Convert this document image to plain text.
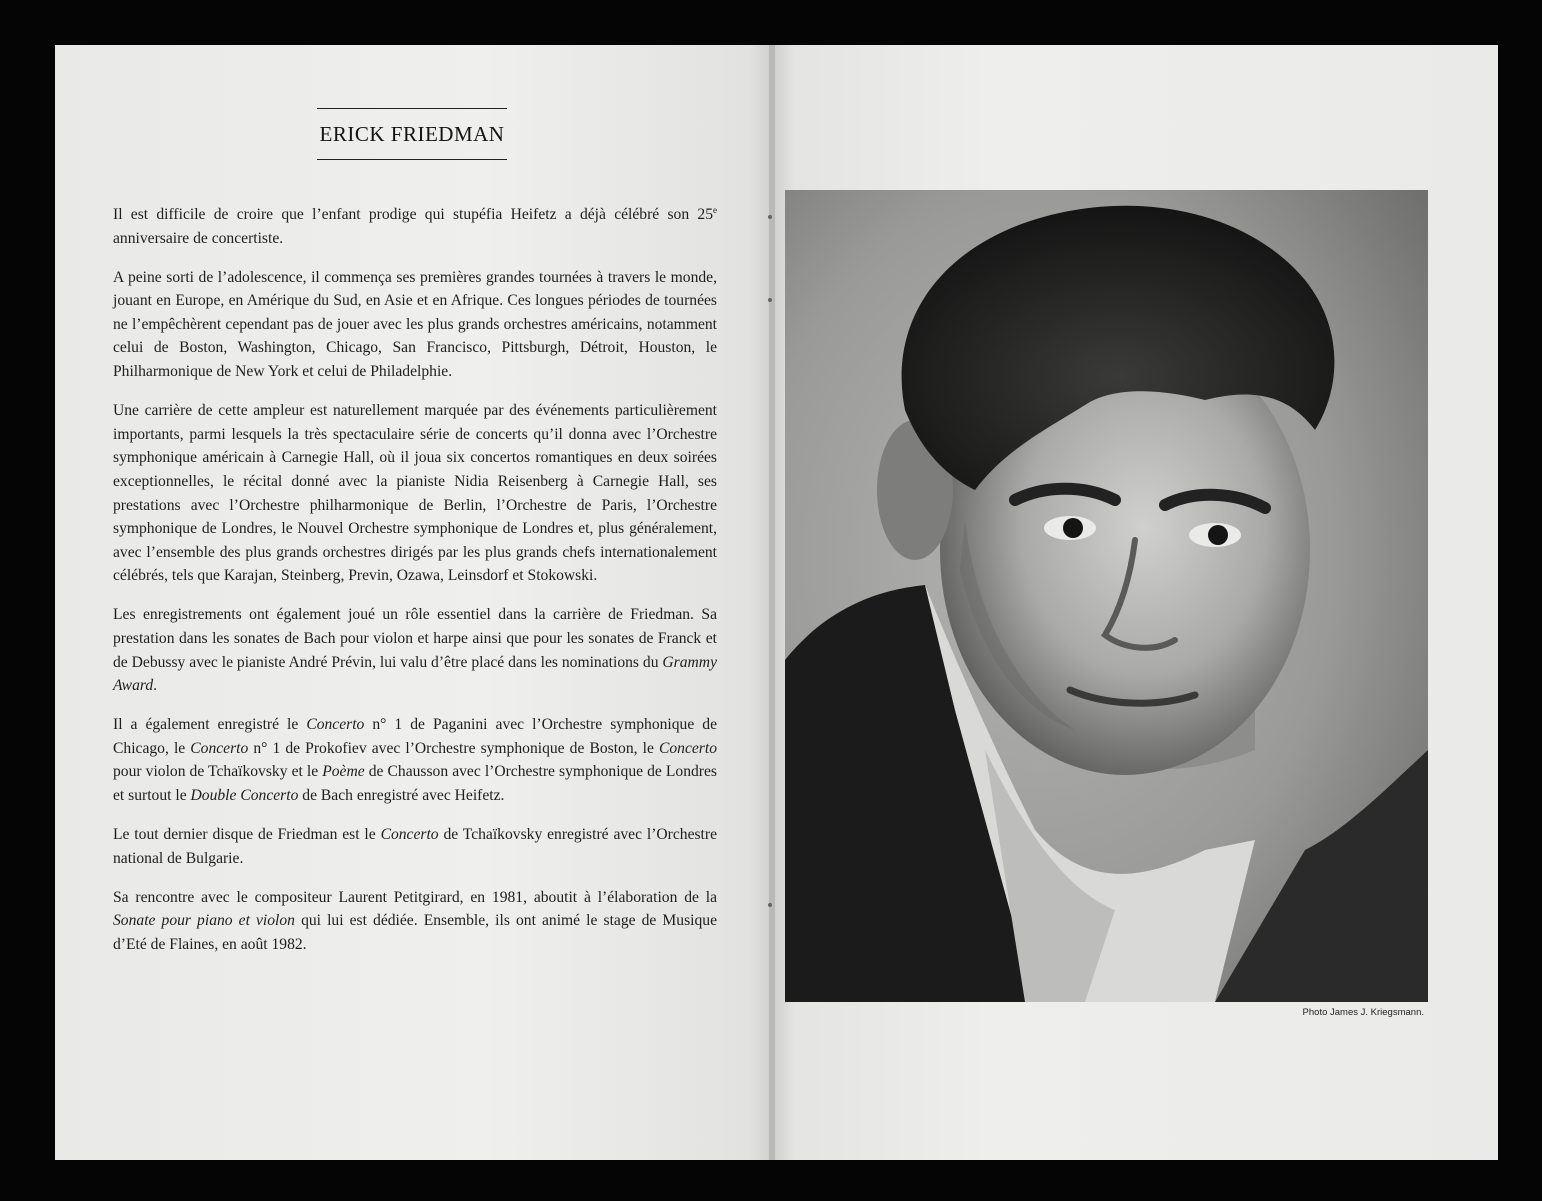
ERICK FRIEDMAN

Il est difficile de croire que l’enfant prodige qui stupéfia Heifetz a déjà célébré son 25e anniversaire de concertiste.

A peine sorti de l’adolescence, il commença ses premières grandes tournées à travers le monde, jouant en Europe, en Amérique du Sud, en Asie et en Afrique. Ces longues périodes de tournées ne l’empêchèrent cependant pas de jouer avec les plus grands orchestres américains, notamment celui de Boston, Washington, Chicago, San Francisco, Pittsburgh, Détroit, Houston, le Philharmonique de New York et celui de Philadelphie.

Une carrière de cette ampleur est naturellement marquée par des événements particulièrement importants, parmi lesquels la très spectaculaire série de concerts qu’il donna avec l’Orchestre symphonique américain à Carnegie Hall, où il joua six concertos romantiques en deux soirées exceptionnelles, le récital donné avec la pianiste Nidia Reisenberg à Carnegie Hall, ses prestations avec l’Orchestre philharmonique de Berlin, l’Orchestre de Paris, l’Orchestre symphonique de Londres, le Nouvel Orchestre symphonique de Londres et, plus généralement, avec l’ensemble des plus grands orchestres dirigés par les plus grands chefs internationalement célébrés, tels que Karajan, Steinberg, Previn, Ozawa, Leinsdorf et Stokowski.

Les enregistrements ont également joué un rôle essentiel dans la carrière de Friedman. Sa prestation dans les sonates de Bach pour violon et harpe ainsi que pour les sonates de Franck et de Debussy avec le pianiste André Prévin, lui valu d’être placé dans les nominations du Grammy Award.

Il a également enregistré le Concerto n° 1 de Paganini avec l’Orchestre symphonique de Chicago, le Concerto n° 1 de Prokofiev avec l’Orchestre symphonique de Boston, le Concerto pour violon de Tchaïkovsky et le Poème de Chausson avec l’Orchestre symphonique de Londres et surtout le Double Concerto de Bach enregistré avec Heifetz.

Le tout dernier disque de Friedman est le Concerto de Tchaïkovsky enregistré avec l’Orchestre national de Bulgarie.

Sa rencontre avec le compositeur Laurent Petitgirard, en 1981, aboutit à l’élaboration de la Sonate pour piano et violon qui lui est dédiée. Ensemble, ils ont animé le stage de Musique d’Eté de Flaines, en août 1982.

Photo James J. Kriegsmann.
